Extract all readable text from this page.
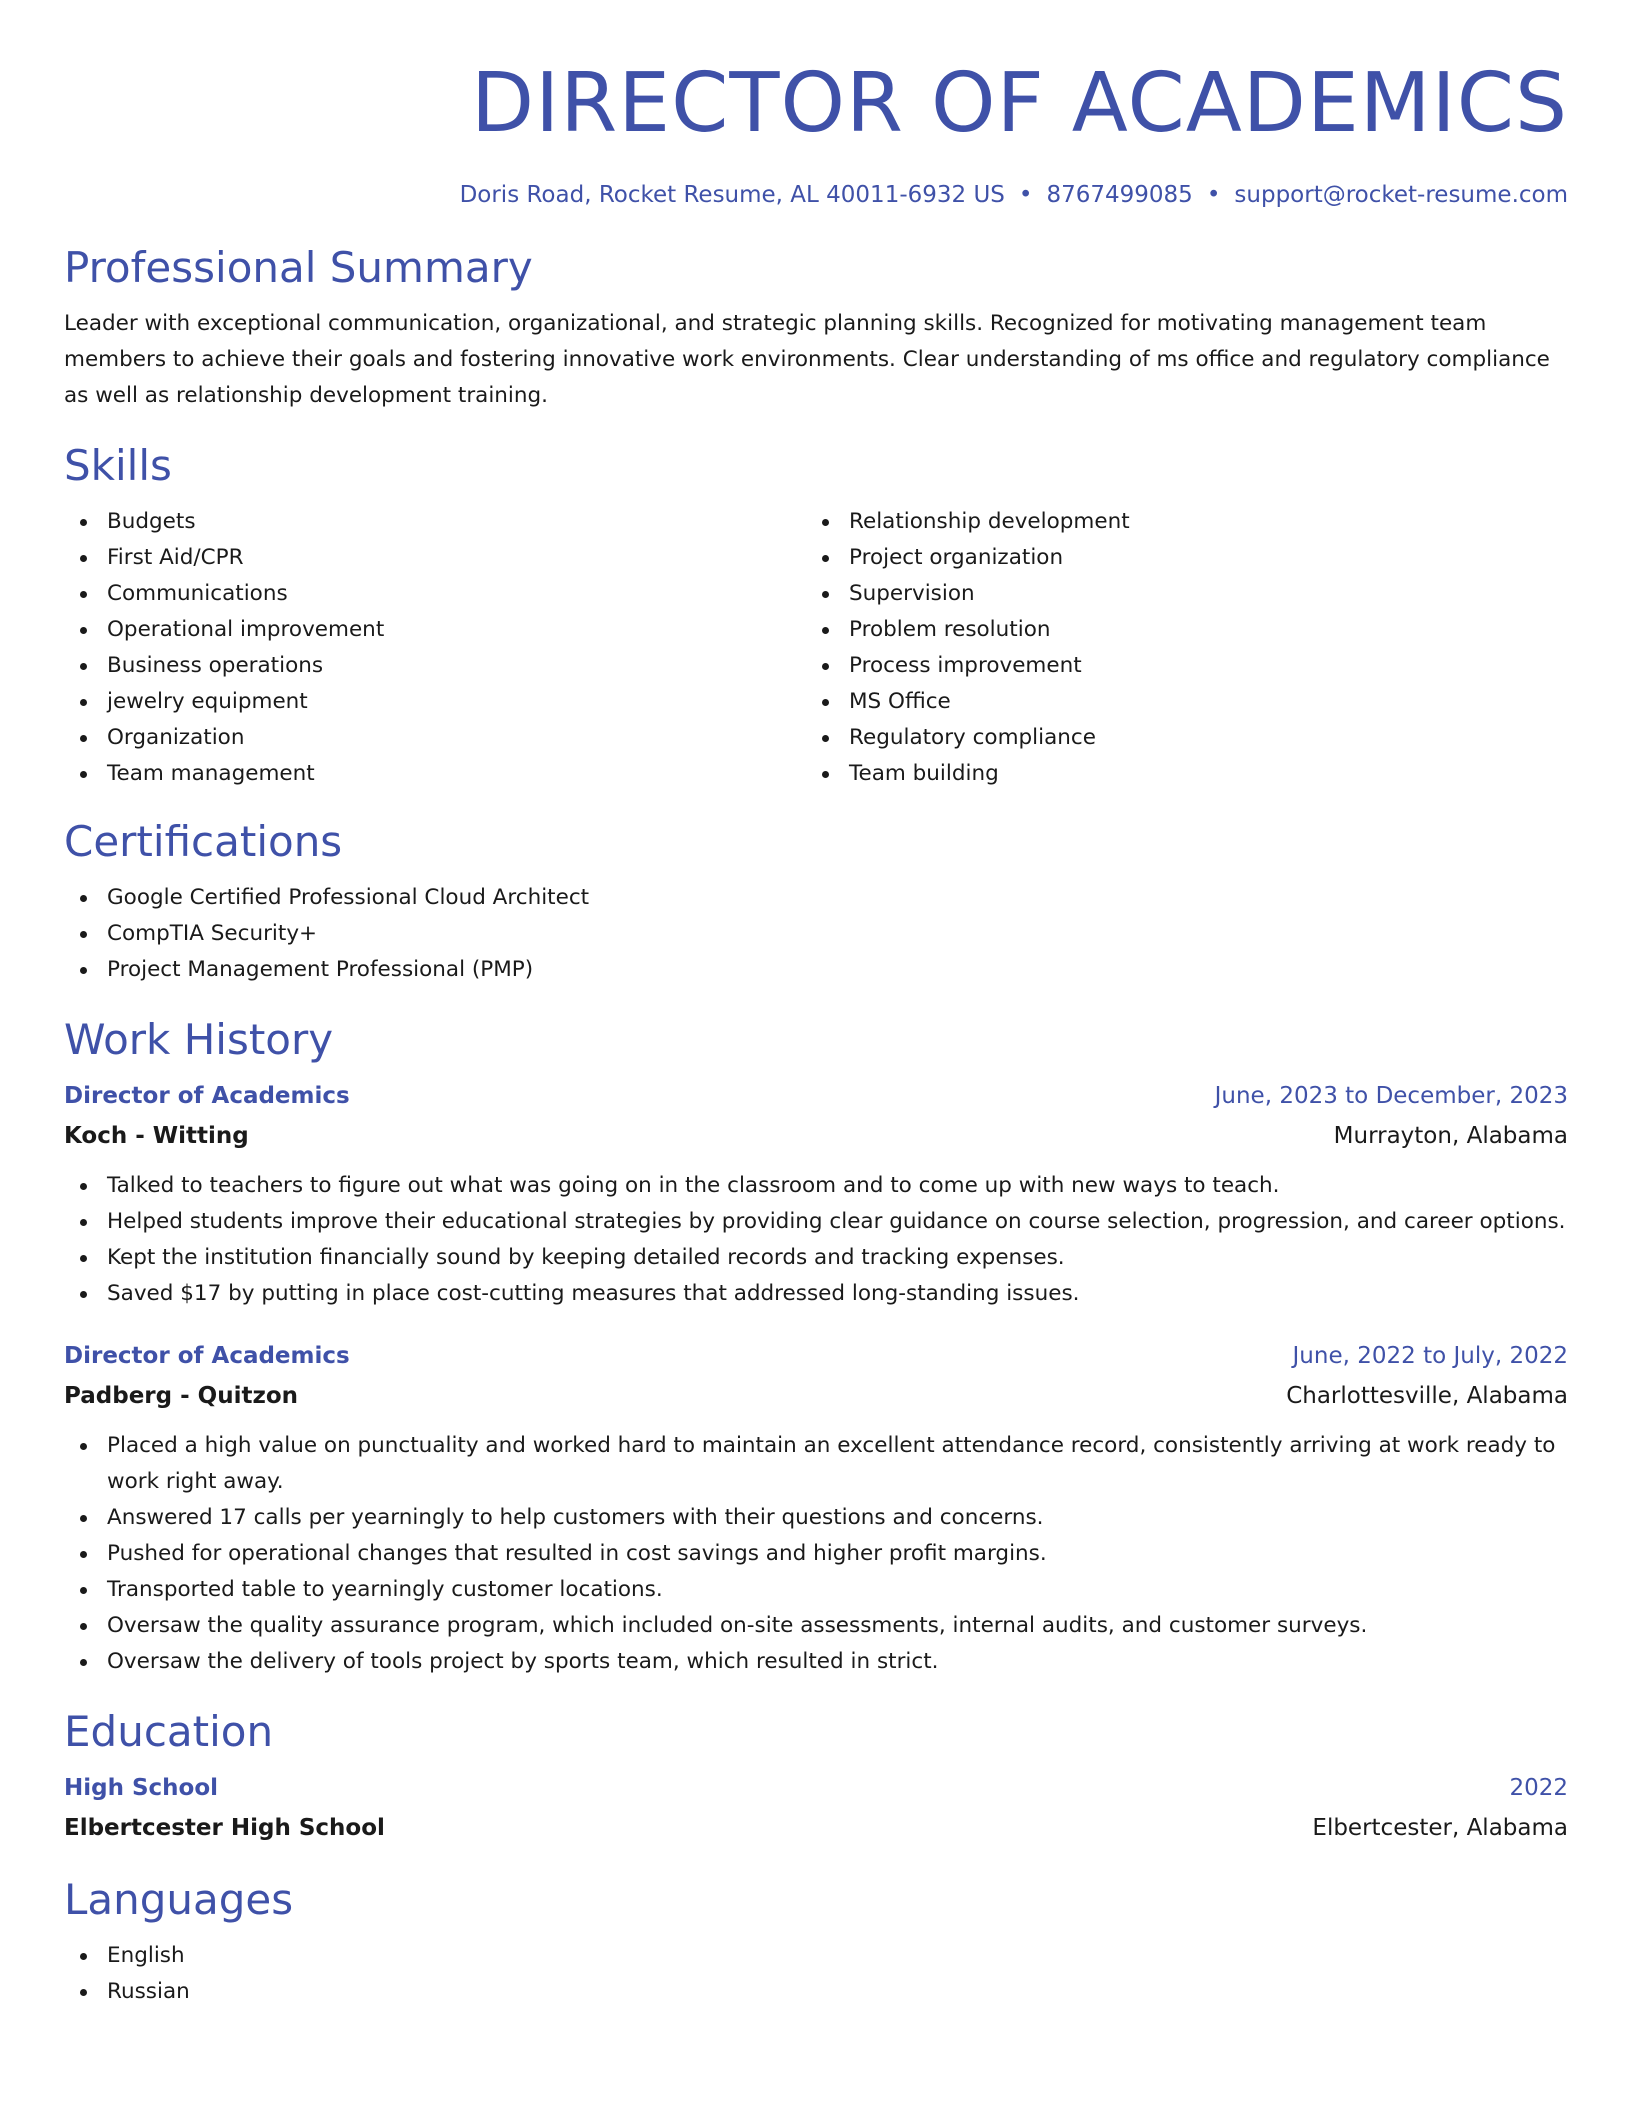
DIRECTOR OF ACADEMICS
Doris Road, Rocket Resume, AL 40011-6932 US • 8767499085 • support@rocket-resume.com
Professional Summary

Leader with exceptional communication, organizational, and strategic planning skills. Recognized for motivating management team members to achieve their goals and fostering innovative work environments. Clear understanding of ms office and regulatory compliance as well as relationship development training.

Skills
Budgets
First Aid/CPR
Communications
Operational improvement
Business operations
jewelry equipment
Organization
Team management
Relationship development
Project organization
Supervision
Problem resolution
Process improvement
MS Office
Regulatory compliance
Team building
Certifications
Google Certified Professional Cloud Architect
CompTIA Security+
Project Management Professional (PMP)
Work History
Director of Academics	June, 2023 to December, 2023
Koch - Witting	Murrayton, Alabama
Talked to teachers to figure out what was going on in the classroom and to come up with new ways to teach.
Helped students improve their educational strategies by providing clear guidance on course selection, progression, and career options.
Kept the institution financially sound by keeping detailed records and tracking expenses.
Saved $17 by putting in place cost-cutting measures that addressed long-standing issues.
Director of Academics	June, 2022 to July, 2022
Padberg - Quitzon	Charlottesville, Alabama
Placed a high value on punctuality and worked hard to maintain an excellent attendance record, consistently arriving at work ready to work right away.
Answered 17 calls per yearningly to help customers with their questions and concerns.
Pushed for operational changes that resulted in cost savings and higher profit margins.
Transported table to yearningly customer locations.
Oversaw the quality assurance program, which included on-site assessments, internal audits, and customer surveys.
Oversaw the delivery of tools project by sports team, which resulted in strict.
Education
High School	2022
Elbertcester High School	Elbertcester, Alabama
Languages
English
Russian
